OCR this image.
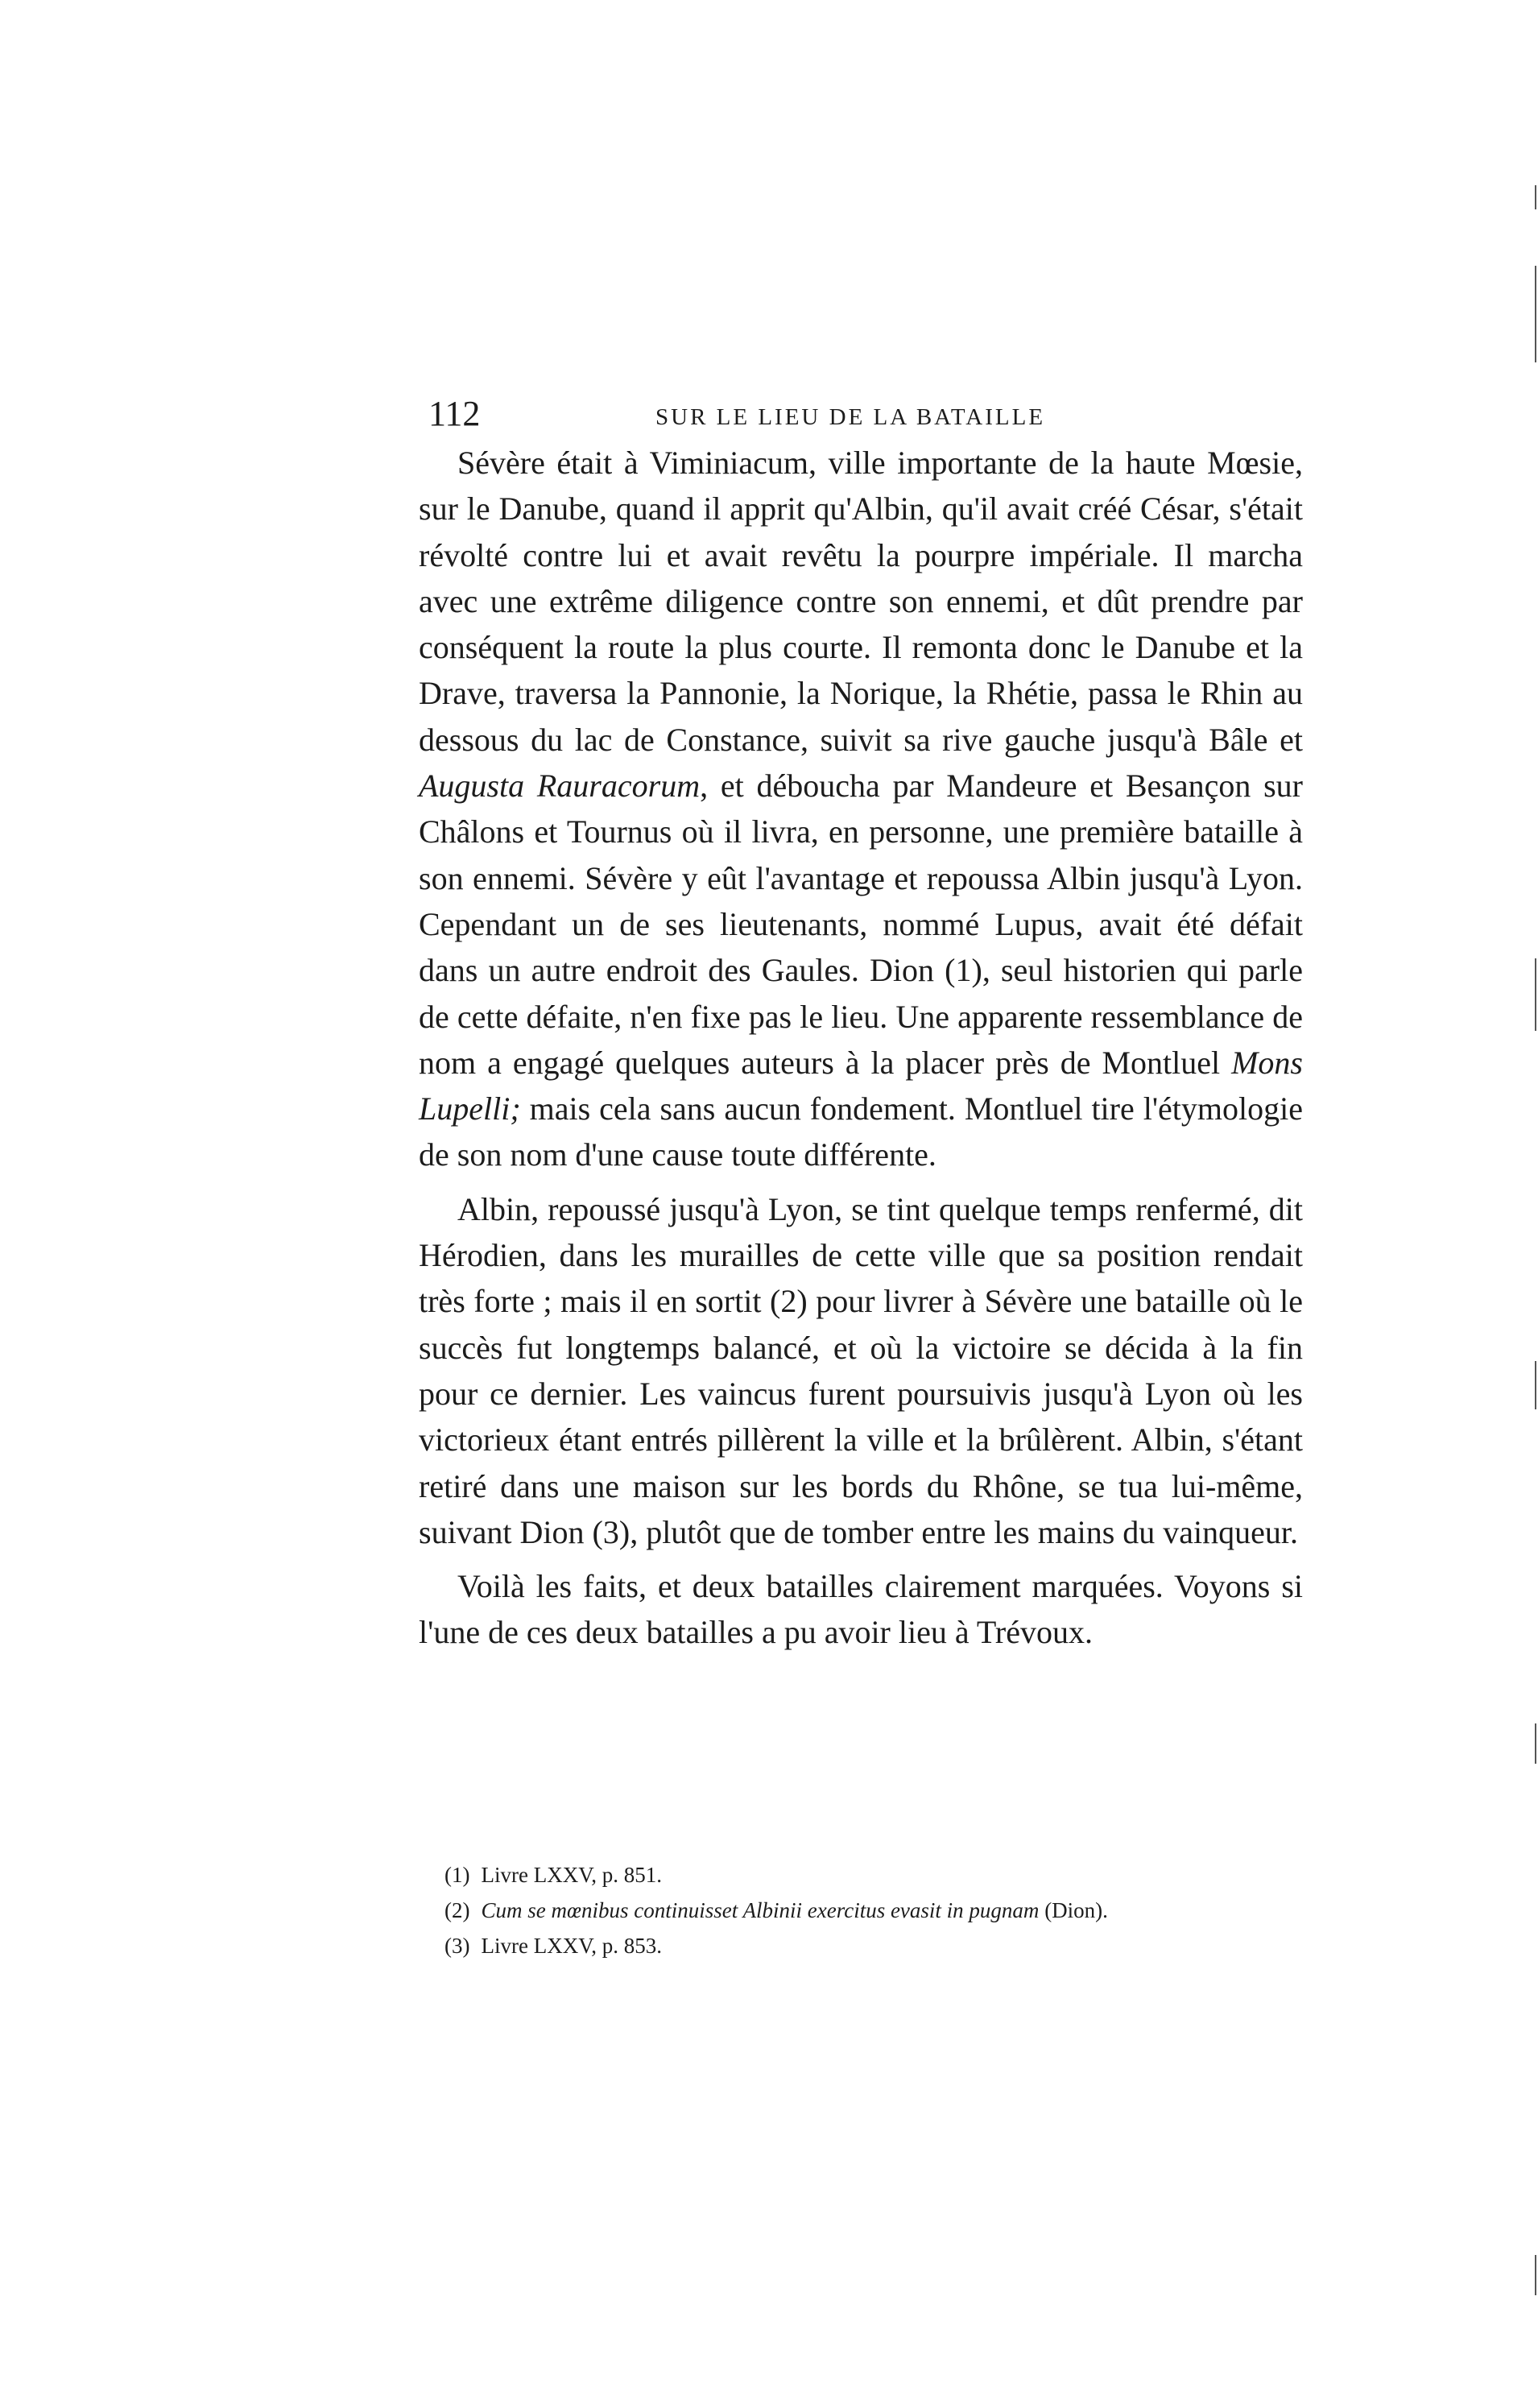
112	SUR LE LIEU DE LA BATAILLE

Sévère était à Viminiacum, ville importante de la haute Mœsie, sur le Danube, quand il apprit qu'Albin, qu'il avait créé César, s'était révolté contre lui et avait revêtu la pourpre impériale. Il marcha avec une extrême diligence contre son ennemi, et dût prendre par conséquent la route la plus courte. Il remonta donc le Danube et la Drave, traversa la Pannonie, la Norique, la Rhétie, passa le Rhin au dessous du lac de Constance, suivit sa rive gauche jusqu'à Bâle et Augusta Rauracorum, et déboucha par Mandeure et Besançon sur Châlons et Tournus où il livra, en personne, une première bataille à son ennemi. Sévère y eût l'avantage et repoussa Albin jusqu'à Lyon. Cependant un de ses lieutenants, nommé Lupus, avait été défait dans un autre endroit des Gaules. Dion (1), seul historien qui parle de cette défaite, n'en fixe pas le lieu. Une apparente ressemblance de nom a engagé quelques auteurs à la placer près de Montluel Mons Lupelli; mais cela sans aucun fondement. Montluel tire l'étymologie de son nom d'une cause toute différente.

Albin, repoussé jusqu'à Lyon, se tint quelque temps renfermé, dit Hérodien, dans les murailles de cette ville que sa position rendait très forte ; mais il en sortit (2) pour livrer à Sévère une bataille où le succès fut longtemps balancé, et où la victoire se décida à la fin pour ce dernier. Les vaincus furent poursuivis jusqu'à Lyon où les victorieux étant entrés pillèrent la ville et la brûlèrent. Albin, s'étant retiré dans une maison sur les bords du Rhône, se tua lui-même, suivant Dion (3), plutôt que de tomber entre les mains du vainqueur.

Voilà les faits, et deux batailles clairement marquées. Voyons si l'une de ces deux batailles a pu avoir lieu à Trévoux.

(1) Livre LXXV, p. 851.
(2) Cum se mœnibus continuisset Albinii exercitus evasit in pugnam (Dion).
(3) Livre LXXV, p. 853.
